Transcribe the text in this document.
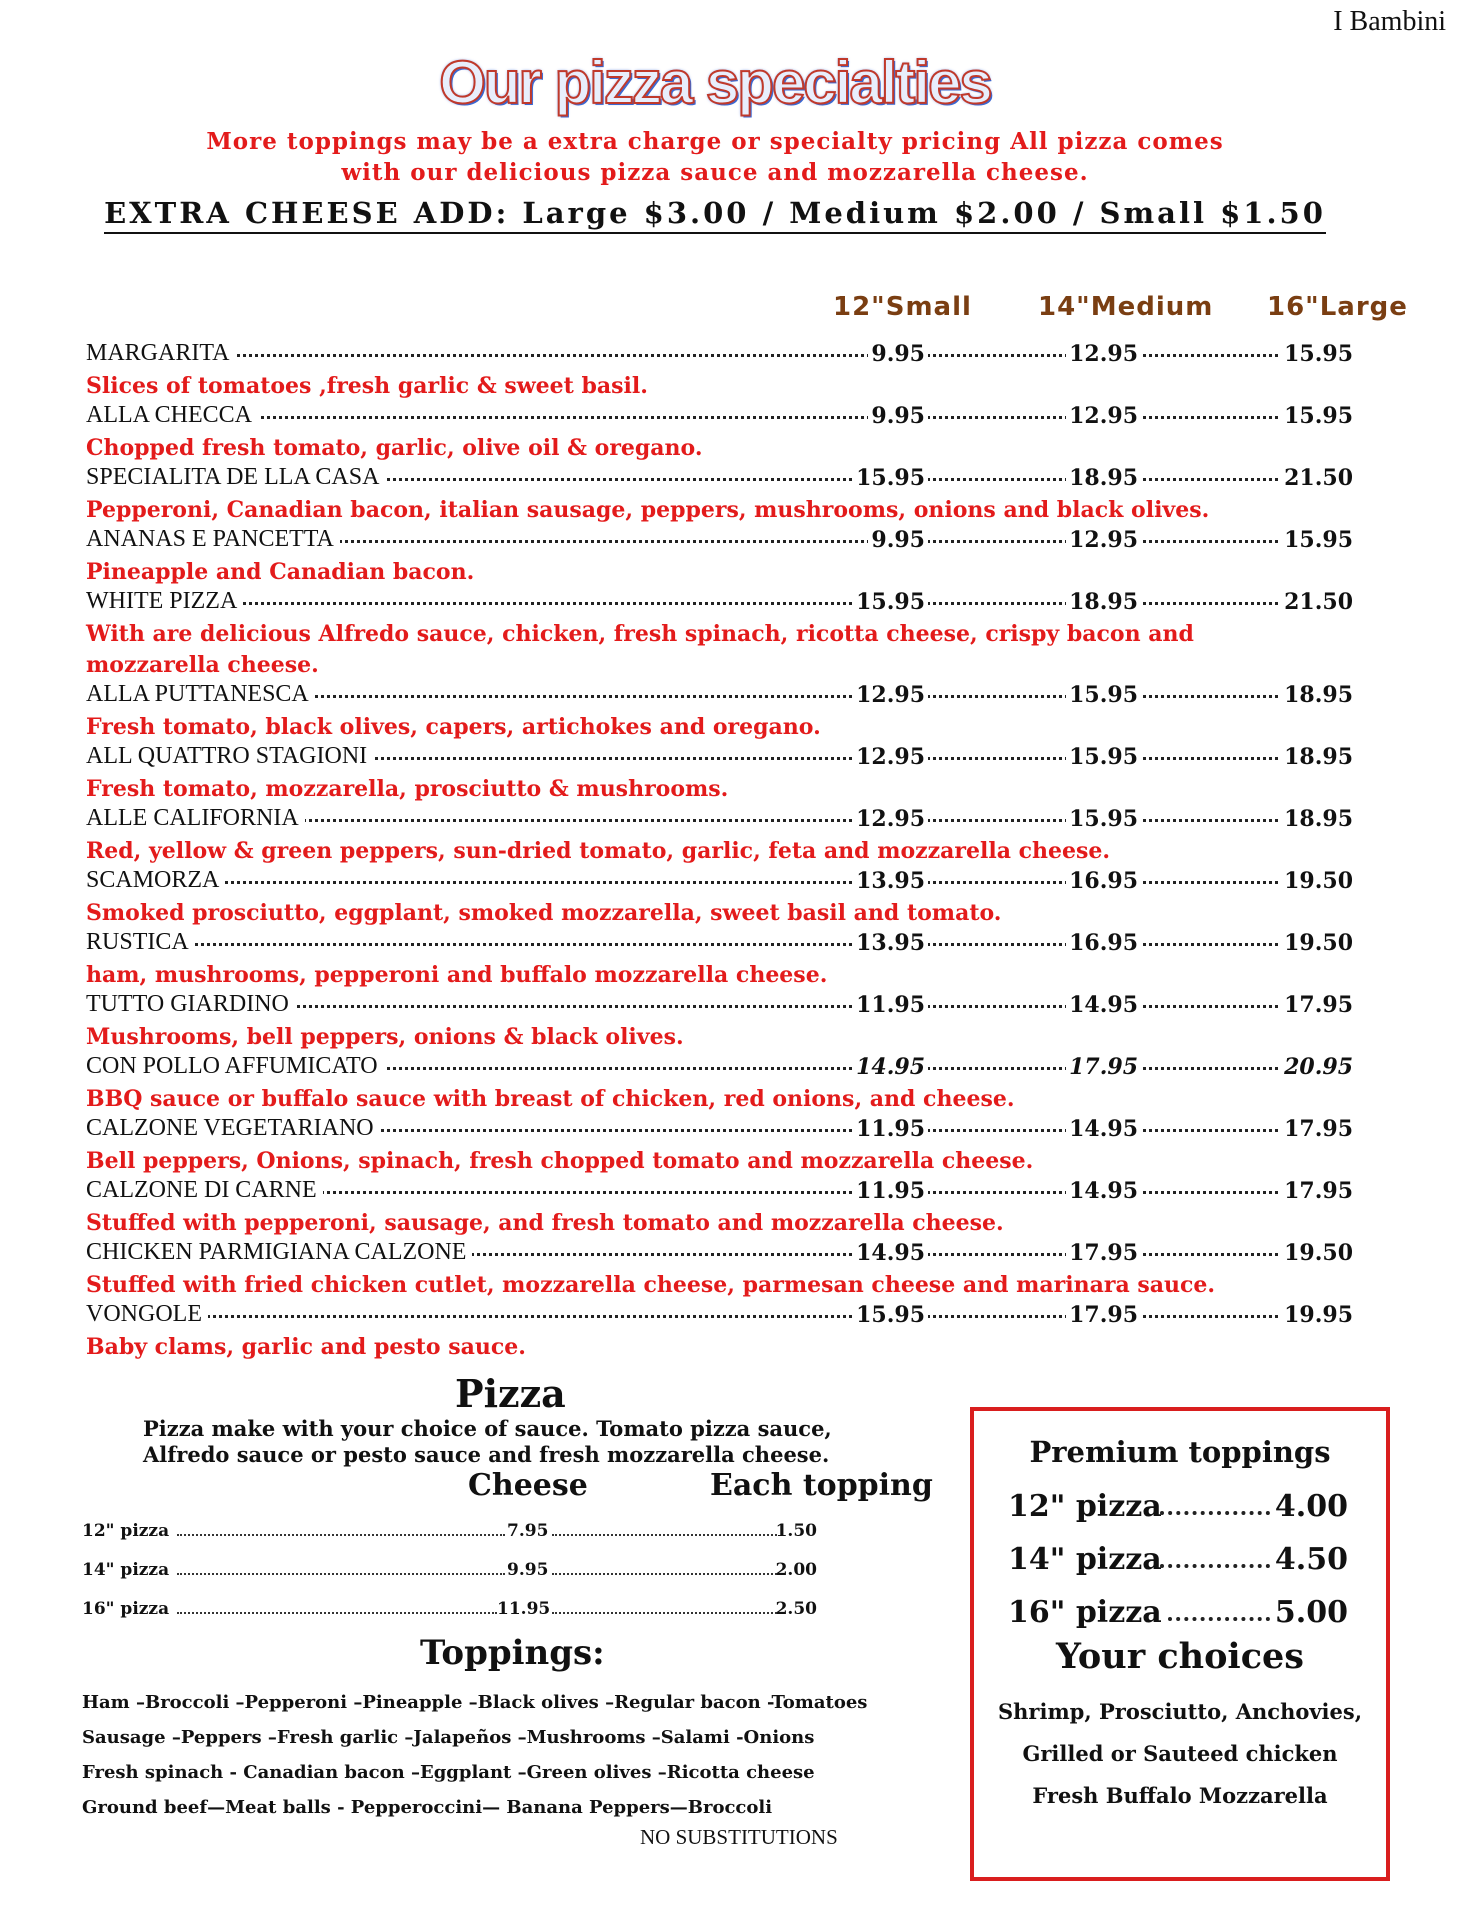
I Bambini
Our pizza specialties
More toppings may be a extra charge or specialty pricing All pizza comes
with our delicious pizza sauce and mozzarella cheese.
EXTRA CHEESE ADD: Large $3.00 / Medium $2.00 / Small $1.50
12"Small	14"Medium 16"Large
MARGARITA	9.95	12.95	15.95
Slices of tomatoes ,fresh garlic & sweet basil.
ALLA CHECCA	9.95	12.95	15.95
Chopped fresh tomato, garlic, olive oil & oregano.
SPECIALITA DE LLA CASA	15.95	18.95	21.50
Pepperoni, Canadian bacon, italian sausage, peppers, mushrooms, onions and black olives.
ANANAS E PANCETTA	9.95	12.95	15.95
Pineapple and Canadian bacon.
WHITE PIZZA	15.95	18.95	21.50
With are delicious Alfredo sauce, chicken, fresh spinach, ricotta cheese, crispy bacon and mozzarella cheese.
ALLA PUTTANESCA	12.95	15.95	18.95
Fresh tomato, black olives, capers, artichokes and oregano.
ALL QUATTRO STAGIONI	12.95	15.95	18.95
Fresh tomato, mozzarella, prosciutto & mushrooms.
ALLE CALIFORNIA	12.95	15.95	18.95
Red, yellow & green peppers, sun-dried tomato, garlic, feta and mozzarella cheese.
SCAMORZA	13.95	16.95	19.50
Smoked prosciutto, eggplant, smoked mozzarella, sweet basil and tomato.
RUSTICA	13.95	16.95	19.50
ham, mushrooms, pepperoni and buffalo mozzarella cheese.
TUTTO GIARDINO	11.95	14.95	17.95
Mushrooms, bell peppers, onions & black olives.
CON POLLO AFFUMICATO	14.95	17.95	20.95
BBQ sauce or buffalo sauce with breast of chicken, red onions, and cheese.
CALZONE VEGETARIANO	11.95	14.95	17.95
Bell peppers, Onions, spinach, fresh chopped tomato and mozzarella cheese.
CALZONE DI CARNE	11.95	14.95	17.95
Stuffed with pepperoni, sausage, and fresh tomato and mozzarella cheese.
CHICKEN PARMIGIANA CALZONE	14.95	17.95	19.50
Stuffed with fried chicken cutlet, mozzarella cheese, parmesan cheese and marinara sauce.
VONGOLE	15.95	17.95	19.95
Baby clams, garlic and pesto sauce.
Pizza
Pizza make with your choice of sauce. Tomato pizza sauce,
Alfredo sauce or pesto sauce and fresh mozzarella cheese.
Cheese	Each topping
12" pizza	7.95	1.50
14" pizza	9.95	2.00
16" pizza	11.95	2.50
Toppings:
Ham –Broccoli –Pepperoni –Pineapple –Black olives –Regular bacon -Tomatoes
Sausage –Peppers –Fresh garlic –Jalapeños –Mushrooms –Salami -Onions
Fresh spinach - Canadian bacon –Eggplant –Green olives –Ricotta cheese
Ground beef—Meat balls - Pepperoccini— Banana Peppers—Broccoli
NO SUBSTITUTIONS
Premium toppings
12" pizza	4.00
14" pizza	4.50
16" pizza	5.00
Your choices
Shrimp, Prosciutto, Anchovies,
Grilled or Sauteed chicken
Fresh Buffalo Mozzarella
